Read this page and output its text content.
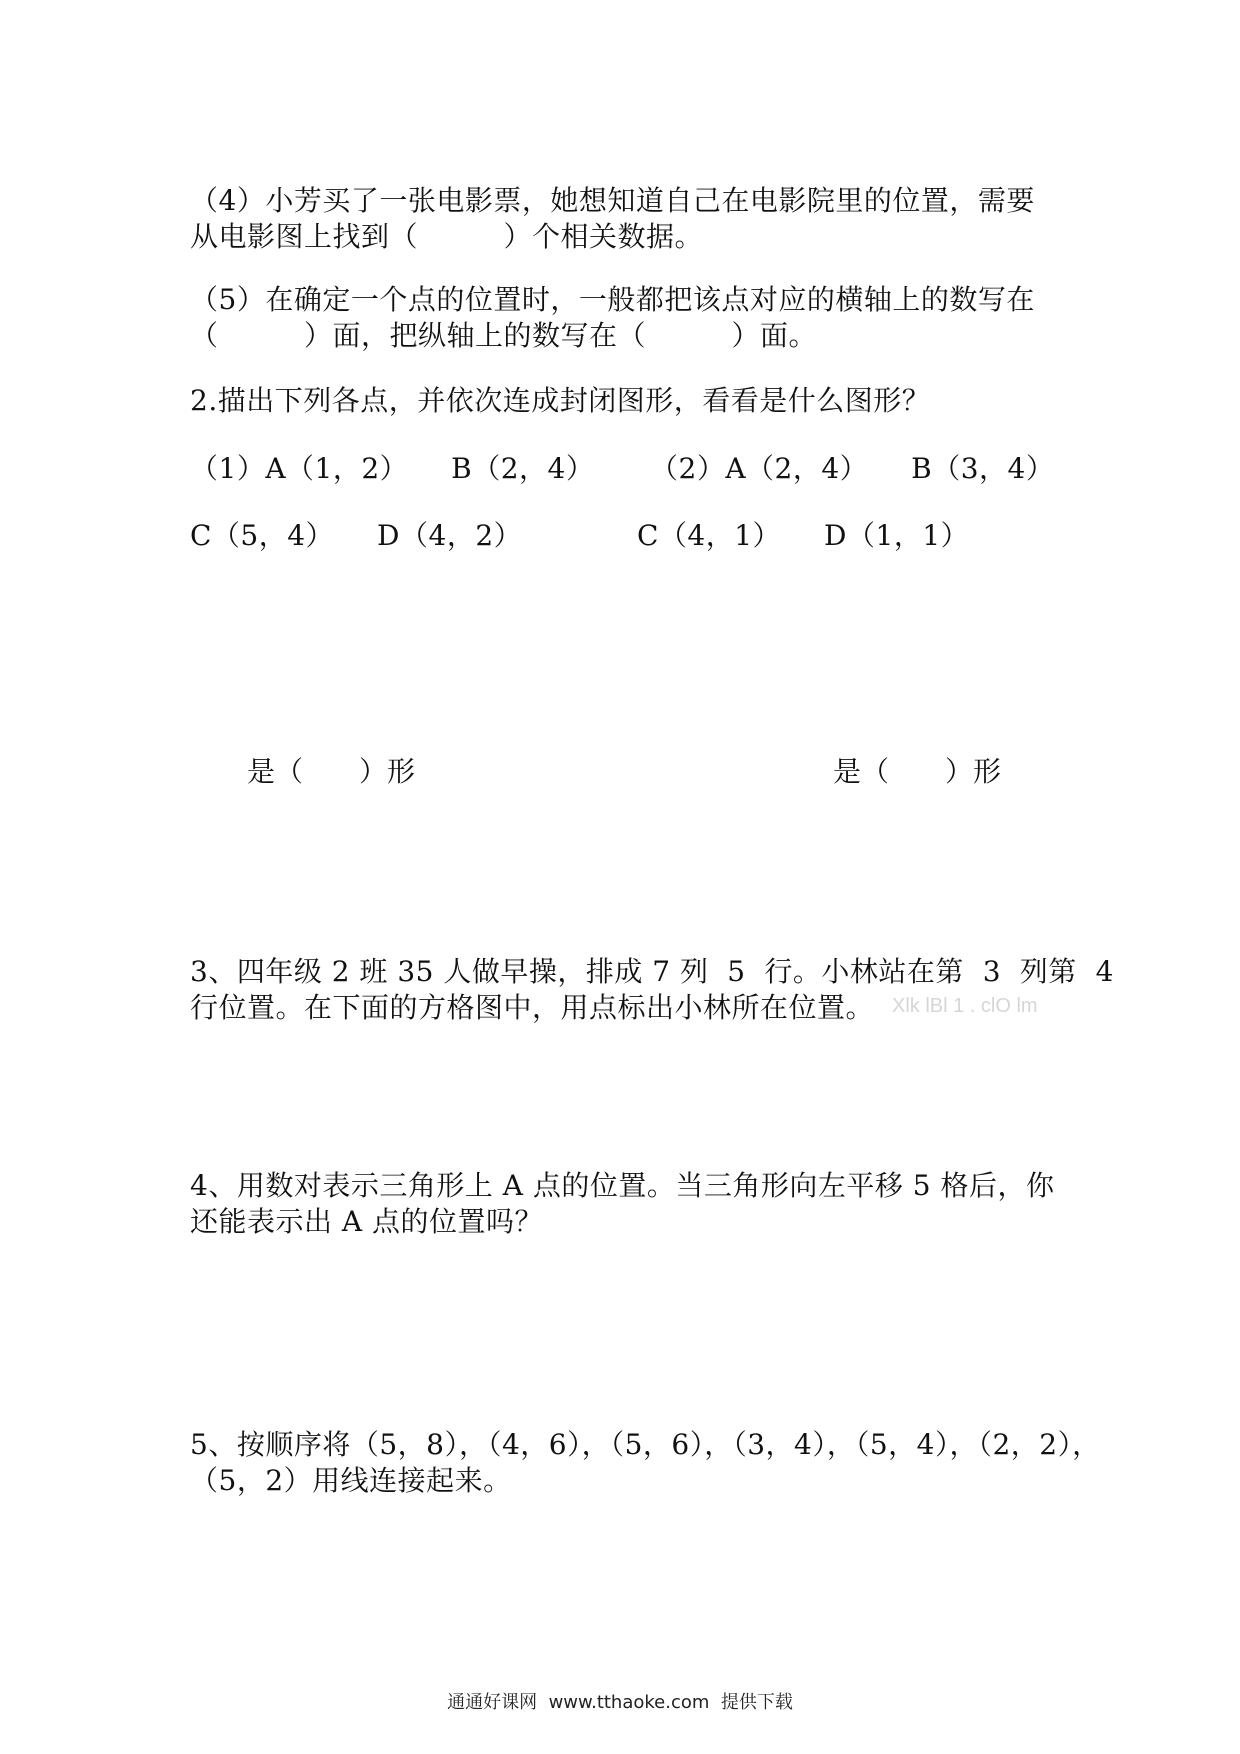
（4）小芳买了一张电影票，她想知道自己在电影院里的位置，需要
从电影图上找到（　　　）个相关数据。
（5）在确定一个点的位置时，一般都把该点对应的横轴上的数写在
（　　　）面，把纵轴上的数写在（　　　）面。
2.描出下列各点，并依次连成封闭图形，看看是什么图形？
（1）A（1，2）　　B（2，4） （2）A（2，4）　　B（3，4）
C（5，4）　　D（4，2）	C（4，1）　　D（1，1）
是（　　）形	是（　　）形
3、四年级 2 班 35 人做早操，排成 7 列  5  行。小林站在第  3  列第  4
行位置。在下面的方格图中，用点标出小林所在位置。 Xlk lBl 1 . clO lm
4、用数对表示三角形上 A 点的位置。当三角形向左平移 5 格后，你
还能表示出 A 点的位置吗？
5、按顺序将（5，8），（4，6），（5，6），（3，4），（5，4），（2，2），
（5，2）用线连接起来。
通通好课网  www.tthaoke.com  提供下载
